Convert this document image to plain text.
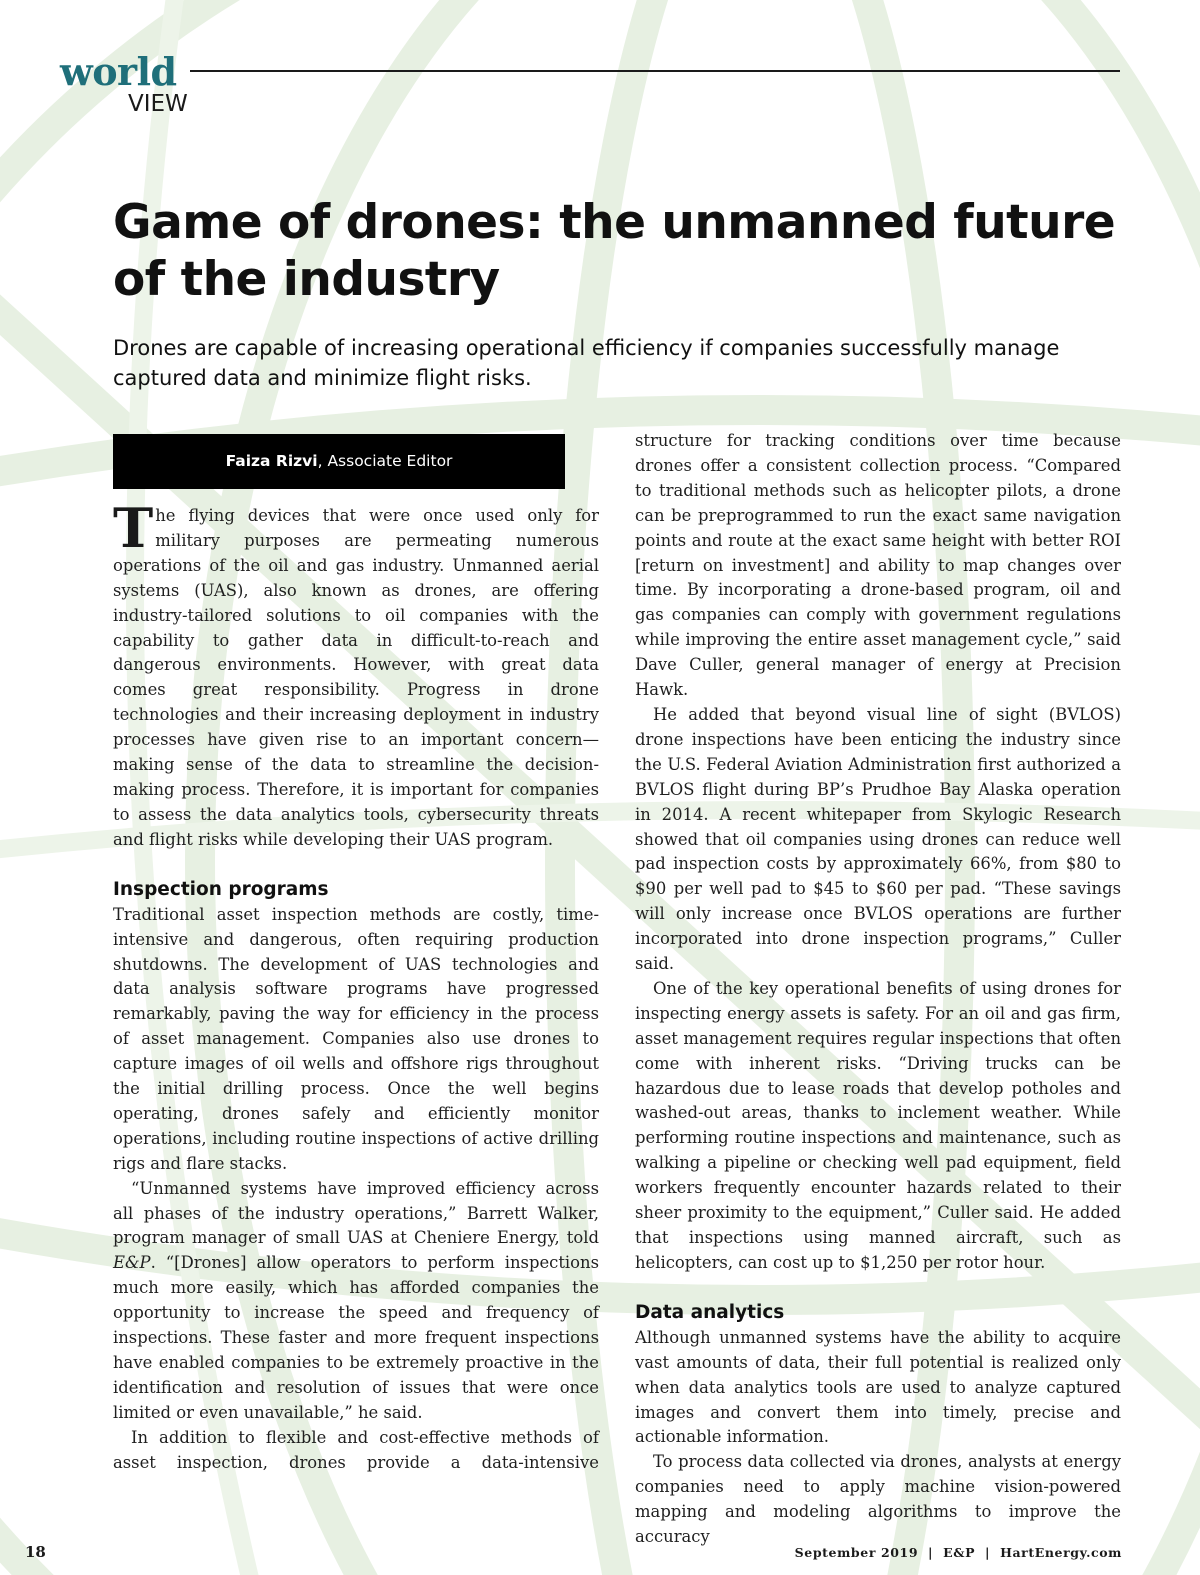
world
VIEW
Game of drones: the unmanned future of the industry

Drones are capable of increasing operational efficiency if companies successfully manage captured data and minimize flight risks.

Faiza Rizvi, Associate Editor

The flying devices that were once used only for military purposes are permeating numerous operations of the oil and gas industry. Unmanned aerial systems (UAS), also known as drones, are offering industry-tailored solutions to oil companies with the capability to gather data in difficult-to-reach and dangerous environments. However, with great data comes great responsibility. Progress in drone technologies and their increasing deployment in industry processes have given rise to an important concern—making sense of the data to streamline the decision-making process. Therefore, it is important for companies to assess the data analytics tools, cybersecurity threats and flight risks while developing their UAS program.

Inspection programs

Traditional asset inspection methods are costly, time-intensive and dangerous, often requiring production shutdowns. The development of UAS technologies and data analysis software programs have progressed remarkably, paving the way for efficiency in the process of asset management. Companies also use drones to capture images of oil wells and offshore rigs throughout the initial drilling process. Once the well begins operating, drones safely and efficiently monitor operations, including routine inspections of active drilling rigs and flare stacks.

“Unmanned systems have improved efficiency across all phases of the industry operations,” Barrett Walker, program manager of small UAS at Cheniere Energy, told E&P. “[Drones] allow operators to perform inspections much more easily, which has afforded companies the opportunity to increase the speed and frequency of inspections. These faster and more frequent inspections have enabled companies to be extremely proactive in the identification and resolution of issues that were once limited or even unavailable,” he said.

In addition to flexible and cost-effective methods of asset inspection, drones provide a data-intensive

structure for tracking conditions over time because drones offer a consistent collection process. “Compared to traditional methods such as helicopter pilots, a drone can be preprogrammed to run the exact same navigation points and route at the exact same height with better ROI [return on investment] and ability to map changes over time. By incorporating a drone-based program, oil and gas companies can comply with government regulations while improving the entire asset management cycle,” said Dave Culler, general manager of energy at Precision Hawk.

He added that beyond visual line of sight (BVLOS) drone inspections have been enticing the industry since the U.S. Federal Aviation Administration first authorized a BVLOS flight during BP’s Prudhoe Bay Alaska operation in 2014. A recent whitepaper from Skylogic Research showed that oil companies using drones can reduce well pad inspection costs by approximately 66%, from $80 to $90 per well pad to $45 to $60 per pad. “These savings will only increase once BVLOS operations are further incorporated into drone inspection programs,” Culler said.

One of the key operational benefits of using drones for inspecting energy assets is safety. For an oil and gas firm, asset management requires regular inspections that often come with inherent risks. “Driving trucks can be hazardous due to lease roads that develop potholes and washed-out areas, thanks to inclement weather. While performing routine inspections and maintenance, such as walking a pipeline or checking well pad equipment, field workers frequently encounter hazards related to their sheer proximity to the equipment,” Culler said. He added that inspections using manned aircraft, such as helicopters, can cost up to $1,250 per rotor hour.

Data analytics

Although unmanned systems have the ability to acquire vast amounts of data, their full potential is realized only when data analytics tools are used to analyze captured images and convert them into timely, precise and actionable information.

To process data collected via drones, analysts at energy companies need to apply machine vision-powered mapping and modeling algorithms to improve the accuracy

18	September 2019  |  E&P  |  HartEnergy.com
